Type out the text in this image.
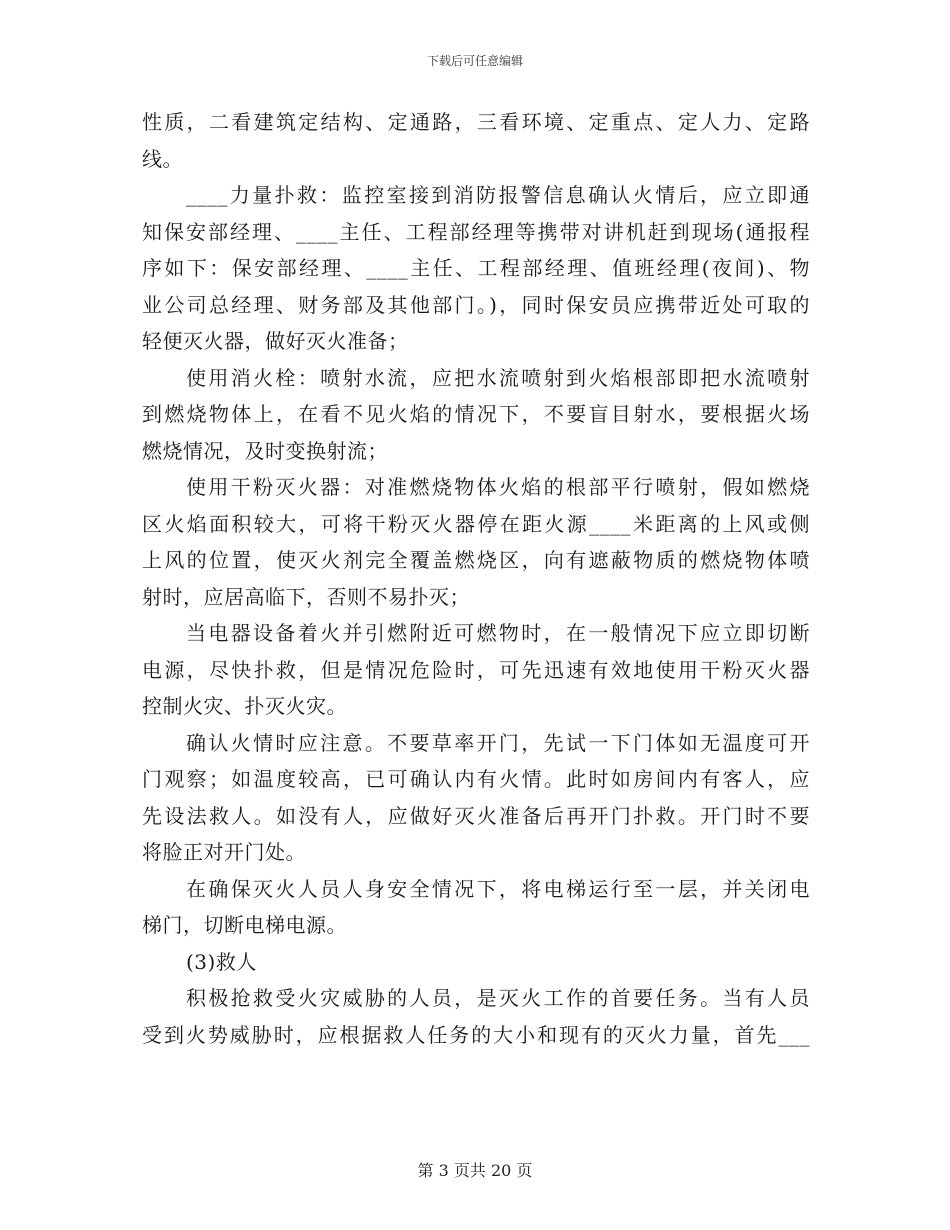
下载后可任意编辑
性质，二看建筑定结构、定通路，三看环境、定重点、定人力、定路
线。
____力量扑救：监控室接到消防报警信息确认火情后，应立即通
知保安部经理、____主任、工程部经理等携带对讲机赶到现场(通报程
序如下：保安部经理、____主任、工程部经理、值班经理(夜间)、物
业公司总经理、财务部及其他部门。)，同时保安员应携带近处可取的
轻便灭火器，做好灭火准备；
使用消火栓：喷射水流，应把水流喷射到火焰根部即把水流喷射
到燃烧物体上，在看不见火焰的情况下，不要盲目射水，要根据火场
燃烧情况，及时变换射流；
使用干粉灭火器：对准燃烧物体火焰的根部平行喷射，假如燃烧
区火焰面积较大，可将干粉灭火器停在距火源____米距离的上风或侧
上风的位置，使灭火剂完全覆盖燃烧区，向有遮蔽物质的燃烧物体喷
射时，应居高临下，否则不易扑灭；
当电器设备着火并引燃附近可燃物时，在一般情况下应立即切断
电源，尽快扑救，但是情况危险时，可先迅速有效地使用干粉灭火器
控制火灾、扑灭火灾。
确认火情时应注意。不要草率开门，先试一下门体如无温度可开
门观察；如温度较高，已可确认内有火情。此时如房间内有客人，应
先设法救人。如没有人，应做好灭火准备后再开门扑救。开门时不要
将脸正对开门处。
在确保灭火人员人身安全情况下，将电梯运行至一层，并关闭电
梯门，切断电梯电源。
(3)救人
积极抢救受火灾威胁的人员，是灭火工作的首要任务。当有人员
受到火势威胁时，应根据救人任务的大小和现有的灭火力量，首先___
第 3 页共 20 页
